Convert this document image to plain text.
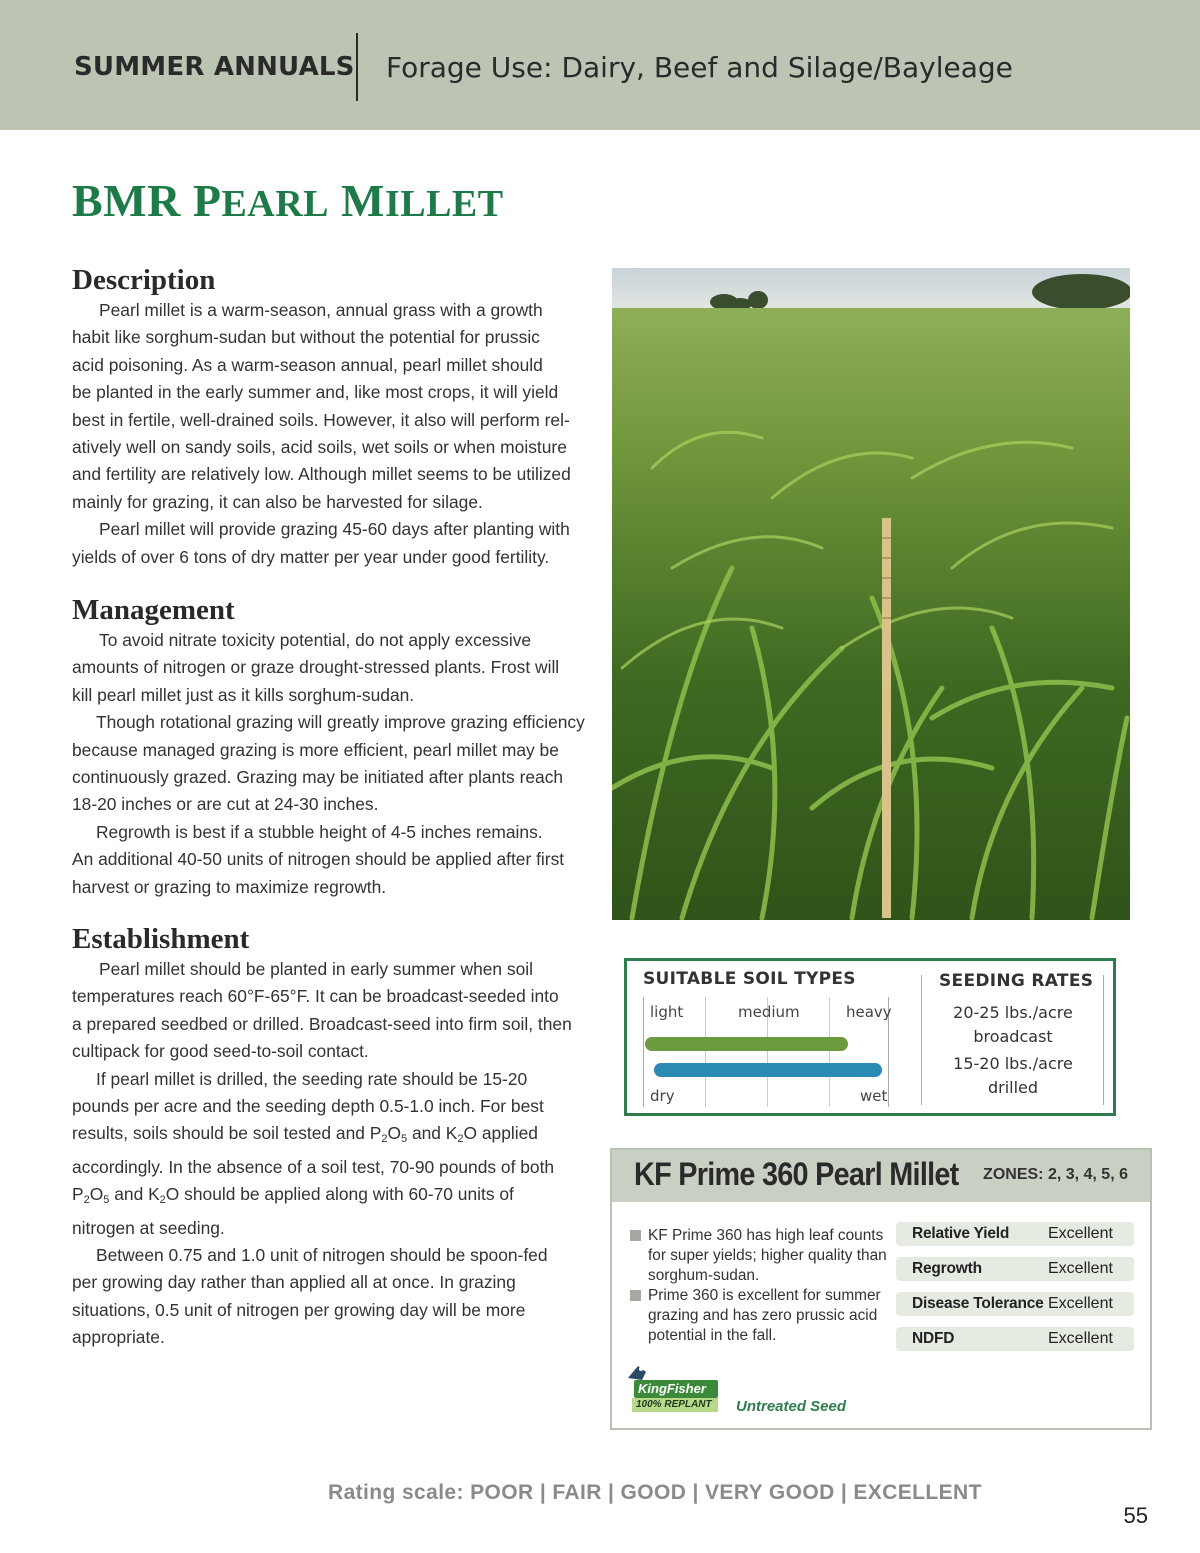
SUMMER ANNUALS Forage Use: Dairy, Beef and Silage/Bayleage
BMR PEARL MILLET
Description
Pearl millet is a warm-season, annual grass with a growth
habit like sorghum-sudan but without the potential for prussic
acid poisoning. As a warm-season annual, pearl millet should
be planted in the early summer and, like most crops, it will yield
best in fertile, well-drained soils. However, it also will perform rel-
atively well on sandy soils, acid soils, wet soils or when moisture
and fertility are relatively low. Although millet seems to be utilized
mainly for grazing, it can also be harvested for silage.
Pearl millet will provide grazing 45-60 days after planting with
yields of over 6 tons of dry matter per year under good fertility.
Management
To avoid nitrate toxicity potential, do not apply excessive
amounts of nitrogen or graze drought-stressed plants. Frost will
kill pearl millet just as it kills sorghum-sudan.
Though rotational grazing will greatly improve grazing efficiency
because managed grazing is more efficient, pearl millet may be
continuously grazed. Grazing may be initiated after plants reach
18-20 inches or are cut at 24-30 inches.
Regrowth is best if a stubble height of 4-5 inches remains.
An additional 40-50 units of nitrogen should be applied after first
harvest or grazing to maximize regrowth.
Establishment
Pearl millet should be planted in early summer when soil
temperatures reach 60°F-65°F. It can be broadcast-seeded into
a prepared seedbed or drilled. Broadcast-seed into firm soil, then
cultipack for good seed-to-soil contact.
If pearl millet is drilled, the seeding rate should be 15-20
pounds per acre and the seeding depth 0.5-1.0 inch. For best
results, soils should be soil tested and $P_2O_5$ and $K_2O$ applied
accordingly. In the absence of a soil test, 70-90 pounds of both
$P_2O_5$ and $K_2O$ should be applied along with 60-70 units of
nitrogen at seeding.
Between 0.75 and 1.0 unit of nitrogen should be spoon-fed
per growing day rather than applied all at once. In grazing
situations, 0.5 unit of nitrogen per growing day will be more
appropriate.
SUITABLE SOIL TYPES
light	medium	heavy
dry	wet
SEEDING RATES
20-25 lbs./acre
broadcast
15-20 lbs./acre
drilled
KF Prime 360 Pearl Millet ZONES: 2, 3, 4, 5, 6
KF Prime 360 has high leaf counts for super yields; higher quality than sorghum-sudan.
Prime 360 is excellent for summer grazing and has zero prussic acid potential in the fall.
Relative Yield Excellent
Regrowth	Excellent
Disease Tolerance Excellent
NDFD	Excellent
KingFisher
100% REPLANT Untreated Seed
Rating scale: POOR | FAIR | GOOD | VERY GOOD | EXCELLENT
55
